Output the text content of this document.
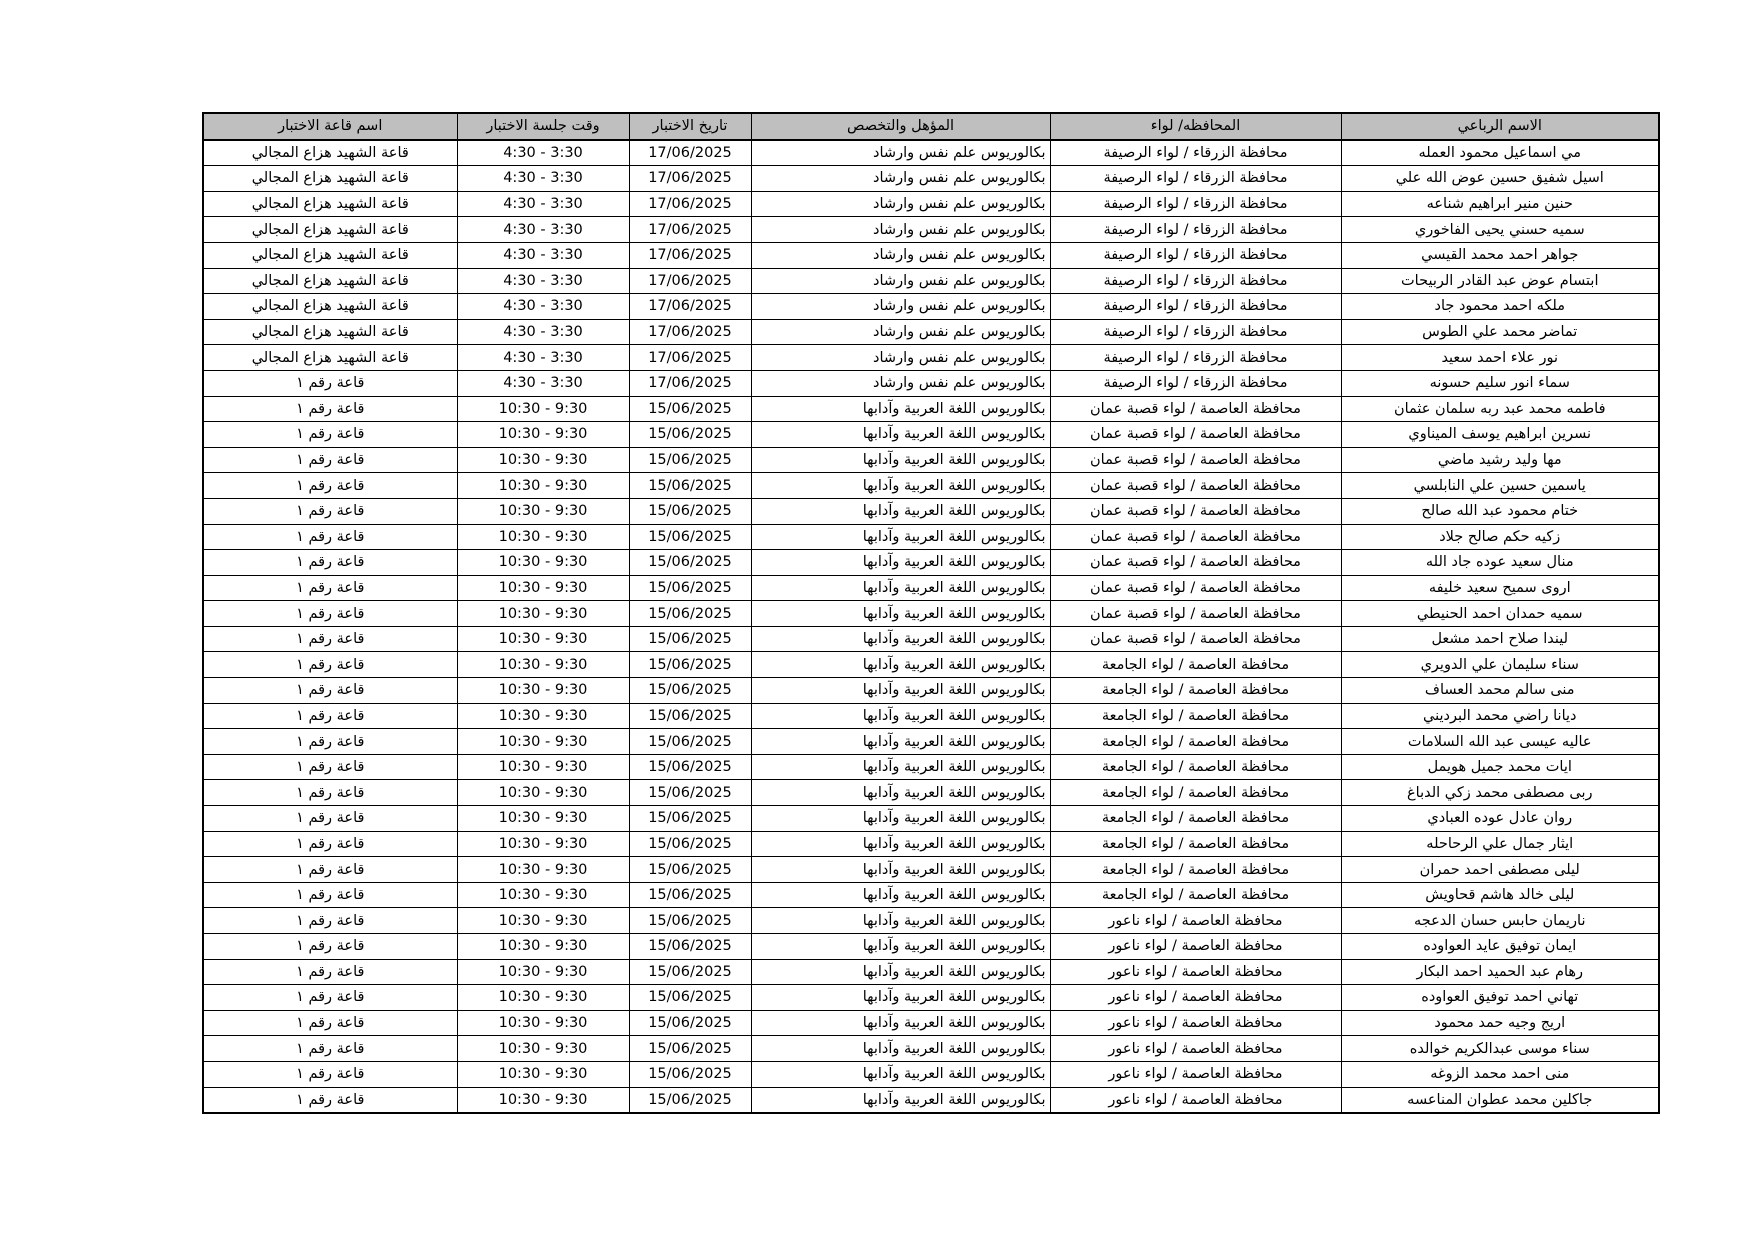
الاسم الرباعي	المحافظه/ لواء	المؤهل والتخصص	تاريخ الاختبار	وقت جلسة الاختبار	اسم قاعة الاختبار
مي اسماعيل محمود العمله	محافظة الزرقاء / لواء الرصيفة	بكالوريوس علم نفس وارشاد	17/06/2025	3:30 - 4:30	قاعة الشهيد هزاع المجالي
اسيل شفيق حسين عوض الله علي	محافظة الزرقاء / لواء الرصيفة	بكالوريوس علم نفس وارشاد	17/06/2025	3:30 - 4:30	قاعة الشهيد هزاع المجالي
حنين منير ابراهيم شناعه	محافظة الزرقاء / لواء الرصيفة	بكالوريوس علم نفس وارشاد	17/06/2025	3:30 - 4:30	قاعة الشهيد هزاع المجالي
سميه حسني يحيى الفاخوري	محافظة الزرقاء / لواء الرصيفة	بكالوريوس علم نفس وارشاد	17/06/2025	3:30 - 4:30	قاعة الشهيد هزاع المجالي
جواهر احمد محمد القيسي	محافظة الزرقاء / لواء الرصيفة	بكالوريوس علم نفس وارشاد	17/06/2025	3:30 - 4:30	قاعة الشهيد هزاع المجالي
ابتسام عوض عبد القادر الربيحات	محافظة الزرقاء / لواء الرصيفة	بكالوريوس علم نفس وارشاد	17/06/2025	3:30 - 4:30	قاعة الشهيد هزاع المجالي
ملكه احمد محمود جاد	محافظة الزرقاء / لواء الرصيفة	بكالوريوس علم نفس وارشاد	17/06/2025	3:30 - 4:30	قاعة الشهيد هزاع المجالي
تماضر محمد علي الطوس	محافظة الزرقاء / لواء الرصيفة	بكالوريوس علم نفس وارشاد	17/06/2025	3:30 - 4:30	قاعة الشهيد هزاع المجالي
نور علاء احمد سعيد	محافظة الزرقاء / لواء الرصيفة	بكالوريوس علم نفس وارشاد	17/06/2025	3:30 - 4:30	قاعة الشهيد هزاع المجالي
سماء انور سليم حسونه	محافظة الزرقاء / لواء الرصيفة	بكالوريوس علم نفس وارشاد	17/06/2025	3:30 - 4:30	قاعة رقم ١
فاطمه محمد عبد ربه سلمان عثمان	محافظة العاصمة / لواء قصبة عمان	بكالوريوس اللغة العربية وآدابها	15/06/2025	9:30 - 10:30	قاعة رقم ١
نسرين ابراهيم يوسف الميناوي	محافظة العاصمة / لواء قصبة عمان	بكالوريوس اللغة العربية وآدابها	15/06/2025	9:30 - 10:30	قاعة رقم ١
مها وليد رشيد ماضي	محافظة العاصمة / لواء قصبة عمان	بكالوريوس اللغة العربية وآدابها	15/06/2025	9:30 - 10:30	قاعة رقم ١
ياسمين حسين علي النابلسي	محافظة العاصمة / لواء قصبة عمان	بكالوريوس اللغة العربية وآدابها	15/06/2025	9:30 - 10:30	قاعة رقم ١
ختام محمود عبد الله صالح	محافظة العاصمة / لواء قصبة عمان	بكالوريوس اللغة العربية وآدابها	15/06/2025	9:30 - 10:30	قاعة رقم ١
زكيه حكم صالح جلاد	محافظة العاصمة / لواء قصبة عمان	بكالوريوس اللغة العربية وآدابها	15/06/2025	9:30 - 10:30	قاعة رقم ١
منال سعيد عوده جاد الله	محافظة العاصمة / لواء قصبة عمان	بكالوريوس اللغة العربية وآدابها	15/06/2025	9:30 - 10:30	قاعة رقم ١
اروى سميح سعيد خليفه	محافظة العاصمة / لواء قصبة عمان	بكالوريوس اللغة العربية وآدابها	15/06/2025	9:30 - 10:30	قاعة رقم ١
سميه حمدان احمد الحنيطي	محافظة العاصمة / لواء قصبة عمان	بكالوريوس اللغة العربية وآدابها	15/06/2025	9:30 - 10:30	قاعة رقم ١
ليندا صلاح احمد مشعل	محافظة العاصمة / لواء قصبة عمان	بكالوريوس اللغة العربية وآدابها	15/06/2025	9:30 - 10:30	قاعة رقم ١
سناء سليمان علي الدويري	محافظة العاصمة / لواء الجامعة	بكالوريوس اللغة العربية وآدابها	15/06/2025	9:30 - 10:30	قاعة رقم ١
منى سالم محمد العساف	محافظة العاصمة / لواء الجامعة	بكالوريوس اللغة العربية وآدابها	15/06/2025	9:30 - 10:30	قاعة رقم ١
ديانا راضي محمد البرديني	محافظة العاصمة / لواء الجامعة	بكالوريوس اللغة العربية وآدابها	15/06/2025	9:30 - 10:30	قاعة رقم ١
عاليه عيسى عبد الله السلامات	محافظة العاصمة / لواء الجامعة	بكالوريوس اللغة العربية وآدابها	15/06/2025	9:30 - 10:30	قاعة رقم ١
ايات محمد جميل هويمل	محافظة العاصمة / لواء الجامعة	بكالوريوس اللغة العربية وآدابها	15/06/2025	9:30 - 10:30	قاعة رقم ١
ربى مصطفى محمد زكي الدباغ	محافظة العاصمة / لواء الجامعة	بكالوريوس اللغة العربية وآدابها	15/06/2025	9:30 - 10:30	قاعة رقم ١
روان عادل عوده العبادي	محافظة العاصمة / لواء الجامعة	بكالوريوس اللغة العربية وآدابها	15/06/2025	9:30 - 10:30	قاعة رقم ١
ايثار جمال علي الرحاحله	محافظة العاصمة / لواء الجامعة	بكالوريوس اللغة العربية وآدابها	15/06/2025	9:30 - 10:30	قاعة رقم ١
ليلى مصطفى احمد حمران	محافظة العاصمة / لواء الجامعة	بكالوريوس اللغة العربية وآدابها	15/06/2025	9:30 - 10:30	قاعة رقم ١
ليلى خالد هاشم قحاويش	محافظة العاصمة / لواء الجامعة	بكالوريوس اللغة العربية وآدابها	15/06/2025	9:30 - 10:30	قاعة رقم ١
ناريمان حابس حسان الدعجه	محافظة العاصمة / لواء ناعور	بكالوريوس اللغة العربية وآدابها	15/06/2025	9:30 - 10:30	قاعة رقم ١
ايمان توفيق عايد العواوده	محافظة العاصمة / لواء ناعور	بكالوريوس اللغة العربية وآدابها	15/06/2025	9:30 - 10:30	قاعة رقم ١
رهام عبد الحميد احمد البكار	محافظة العاصمة / لواء ناعور	بكالوريوس اللغة العربية وآدابها	15/06/2025	9:30 - 10:30	قاعة رقم ١
تهاني احمد توفيق العواوده	محافظة العاصمة / لواء ناعور	بكالوريوس اللغة العربية وآدابها	15/06/2025	9:30 - 10:30	قاعة رقم ١
اريج وجيه حمد محمود	محافظة العاصمة / لواء ناعور	بكالوريوس اللغة العربية وآدابها	15/06/2025	9:30 - 10:30	قاعة رقم ١
سناء موسى عبدالكريم خوالده	محافظة العاصمة / لواء ناعور	بكالوريوس اللغة العربية وآدابها	15/06/2025	9:30 - 10:30	قاعة رقم ١
منى احمد محمد الزوغه	محافظة العاصمة / لواء ناعور	بكالوريوس اللغة العربية وآدابها	15/06/2025	9:30 - 10:30	قاعة رقم ١
جاكلين محمد عطوان المناعسه	محافظة العاصمة / لواء ناعور	بكالوريوس اللغة العربية وآدابها	15/06/2025	9:30 - 10:30	قاعة رقم ١
